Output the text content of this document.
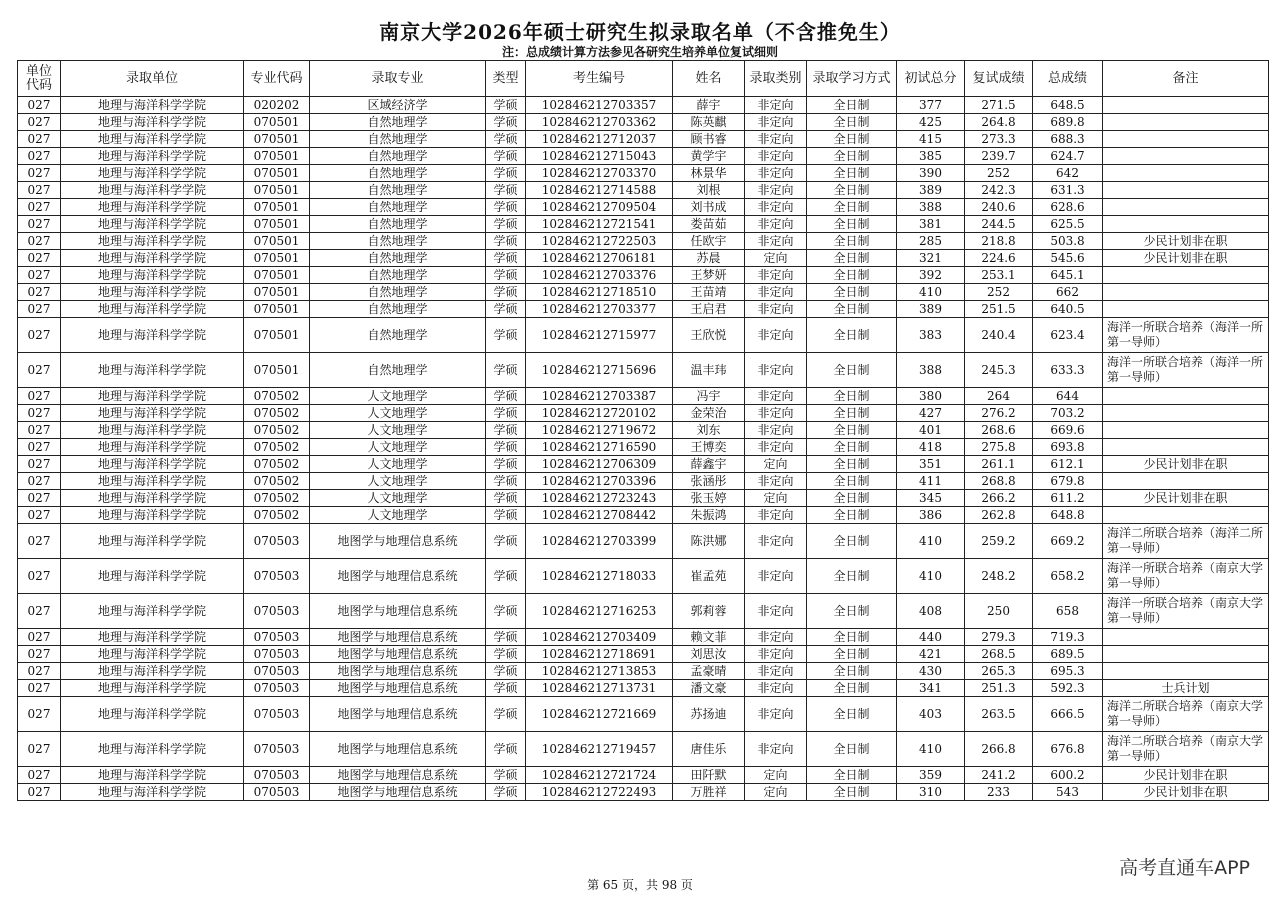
南京大学2026年硕士研究生拟录取名单（不含推免生）
注：总成绩计算方法参见各研究生培养单位复试细则
单位代码	录取单位	专业代码	录取专业	类型	考生编号	姓名	录取类别	录取学习方式	初试总分	复试成绩	总成绩	备注
027	地理与海洋科学学院	020202	区域经济学	学硕	102846212703357	薛宇	非定向	全日制	377	271.5	648.5	
027	地理与海洋科学学院	070501	自然地理学	学硕	102846212703362	陈英麒	非定向	全日制	425	264.8	689.8	
027	地理与海洋科学学院	070501	自然地理学	学硕	102846212712037	顾书睿	非定向	全日制	415	273.3	688.3	
027	地理与海洋科学学院	070501	自然地理学	学硕	102846212715043	黄学宇	非定向	全日制	385	239.7	624.7	
027	地理与海洋科学学院	070501	自然地理学	学硕	102846212703370	林景华	非定向	全日制	390	252	642	
027	地理与海洋科学学院	070501	自然地理学	学硕	102846212714588	刘根	非定向	全日制	389	242.3	631.3	
027	地理与海洋科学学院	070501	自然地理学	学硕	102846212709504	刘书成	非定向	全日制	388	240.6	628.6	
027	地理与海洋科学学院	070501	自然地理学	学硕	102846212721541	娄苗茹	非定向	全日制	381	244.5	625.5	
027	地理与海洋科学学院	070501	自然地理学	学硕	102846212722503	任欧宇	非定向	全日制	285	218.8	503.8	少民计划非在职
027	地理与海洋科学学院	070501	自然地理学	学硕	102846212706181	苏晨	定向	全日制	321	224.6	545.6	少民计划非在职
027	地理与海洋科学学院	070501	自然地理学	学硕	102846212703376	王梦妍	非定向	全日制	392	253.1	645.1	
027	地理与海洋科学学院	070501	自然地理学	学硕	102846212718510	王苗靖	非定向	全日制	410	252	662	
027	地理与海洋科学学院	070501	自然地理学	学硕	102846212703377	王启君	非定向	全日制	389	251.5	640.5	
027	地理与海洋科学学院	070501	自然地理学	学硕	102846212715977	王欣悦	非定向	全日制	383	240.4	623.4	海洋一所联合培养（海洋一所第一导师）
027	地理与海洋科学学院	070501	自然地理学	学硕	102846212715696	温丰玮	非定向	全日制	388	245.3	633.3	海洋一所联合培养（海洋一所第一导师）
027	地理与海洋科学学院	070502	人文地理学	学硕	102846212703387	冯宇	非定向	全日制	380	264	644	
027	地理与海洋科学学院	070502	人文地理学	学硕	102846212720102	金荣治	非定向	全日制	427	276.2	703.2	
027	地理与海洋科学学院	070502	人文地理学	学硕	102846212719672	刘东	非定向	全日制	401	268.6	669.6	
027	地理与海洋科学学院	070502	人文地理学	学硕	102846212716590	王博奕	非定向	全日制	418	275.8	693.8	
027	地理与海洋科学学院	070502	人文地理学	学硕	102846212706309	薛鑫宇	定向	全日制	351	261.1	612.1	少民计划非在职
027	地理与海洋科学学院	070502	人文地理学	学硕	102846212703396	张涵彤	非定向	全日制	411	268.8	679.8	
027	地理与海洋科学学院	070502	人文地理学	学硕	102846212723243	张玉婷	定向	全日制	345	266.2	611.2	少民计划非在职
027	地理与海洋科学学院	070502	人文地理学	学硕	102846212708442	朱振鸿	非定向	全日制	386	262.8	648.8	
027	地理与海洋科学学院	070503	地图学与地理信息系统	学硕	102846212703399	陈洪娜	非定向	全日制	410	259.2	669.2	海洋二所联合培养（海洋二所第一导师）
027	地理与海洋科学学院	070503	地图学与地理信息系统	学硕	102846212718033	崔孟苑	非定向	全日制	410	248.2	658.2	海洋一所联合培养（南京大学第一导师）
027	地理与海洋科学学院	070503	地图学与地理信息系统	学硕	102846212716253	郭莉蓉	非定向	全日制	408	250	658	海洋一所联合培养（南京大学第一导师）
027	地理与海洋科学学院	070503	地图学与地理信息系统	学硕	102846212703409	赖文菲	非定向	全日制	440	279.3	719.3	
027	地理与海洋科学学院	070503	地图学与地理信息系统	学硕	102846212718691	刘思汝	非定向	全日制	421	268.5	689.5	
027	地理与海洋科学学院	070503	地图学与地理信息系统	学硕	102846212713853	孟豪晴	非定向	全日制	430	265.3	695.3	
027	地理与海洋科学学院	070503	地图学与地理信息系统	学硕	102846212713731	潘文豪	非定向	全日制	341	251.3	592.3	士兵计划
027	地理与海洋科学学院	070503	地图学与地理信息系统	学硕	102846212721669	苏扬迪	非定向	全日制	403	263.5	666.5	海洋二所联合培养（南京大学第一导师）
027	地理与海洋科学学院	070503	地图学与地理信息系统	学硕	102846212719457	唐佳乐	非定向	全日制	410	266.8	676.8	海洋二所联合培养（南京大学第一导师）
027	地理与海洋科学学院	070503	地图学与地理信息系统	学硕	102846212721724	田阡默	定向	全日制	359	241.2	600.2	少民计划非在职
027	地理与海洋科学学院	070503	地图学与地理信息系统	学硕	102846212722493	万胜祥	定向	全日制	310	233	543	少民计划非在职
第 65 页，共 98 页
高考直通车APP
